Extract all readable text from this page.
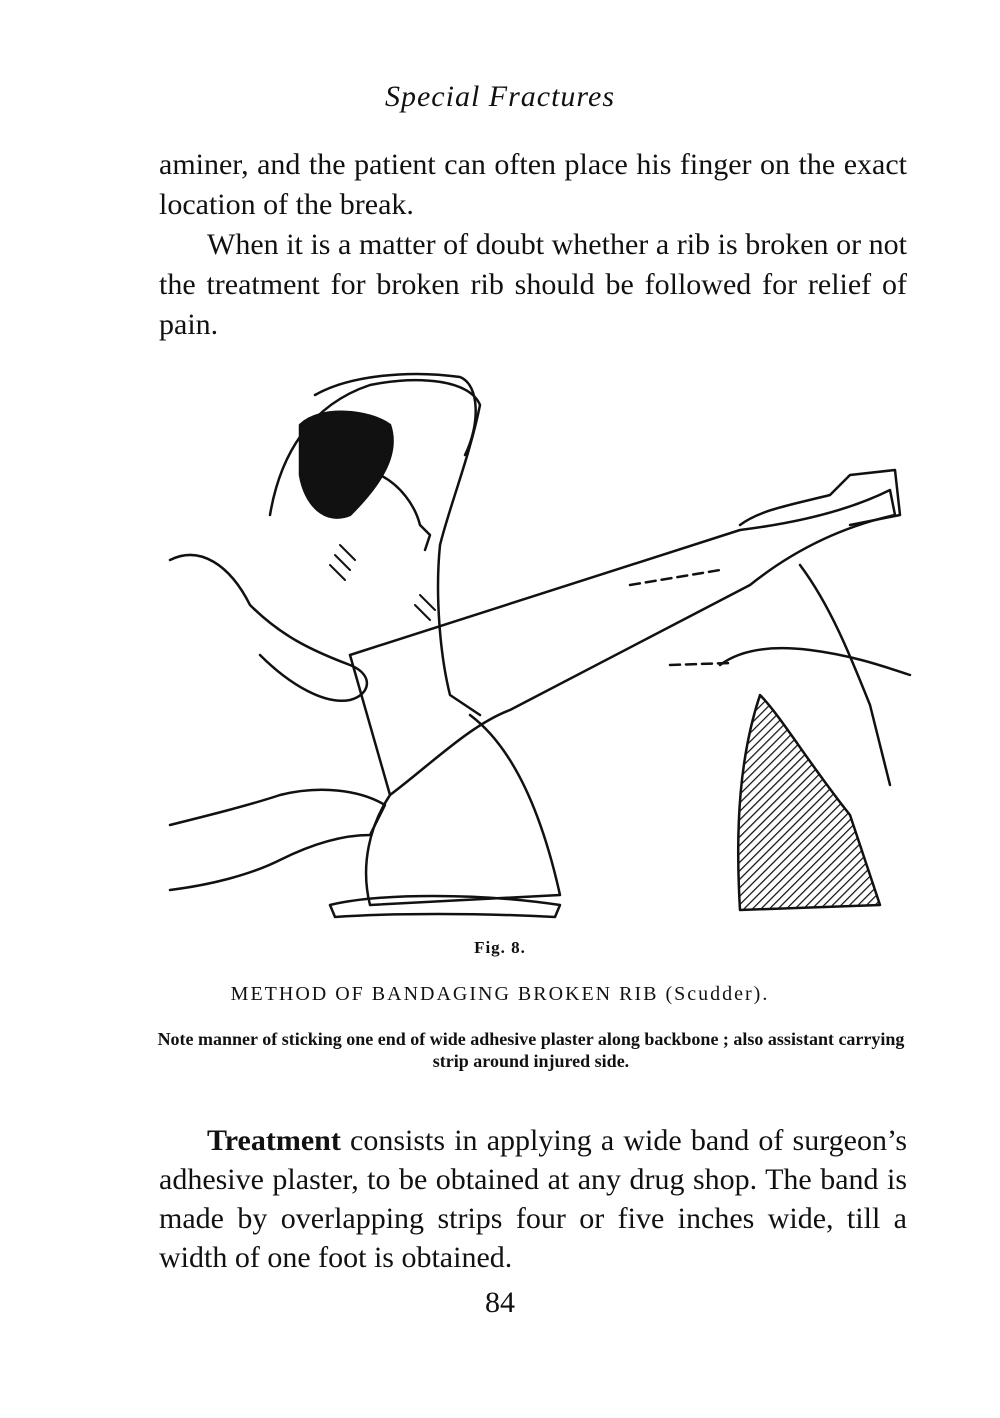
Special Fractures

aminer, and the patient can often place his finger on the exact location of the break.

When it is a matter of doubt whether a rib is broken or not the treatment for broken rib should be followed for relief of pain.

Fig. 8.
METHOD OF BANDAGING BROKEN RIB (Scudder).

Note manner of sticking one end of wide adhesive plaster along backbone ; also assistant carrying strip around injured side.

Treatment consists in applying a wide band of surgeon’s adhesive plaster, to be obtained at any drug shop. The band is made by overlapping strips four or five inches wide, till a width of one foot is obtained.

84
